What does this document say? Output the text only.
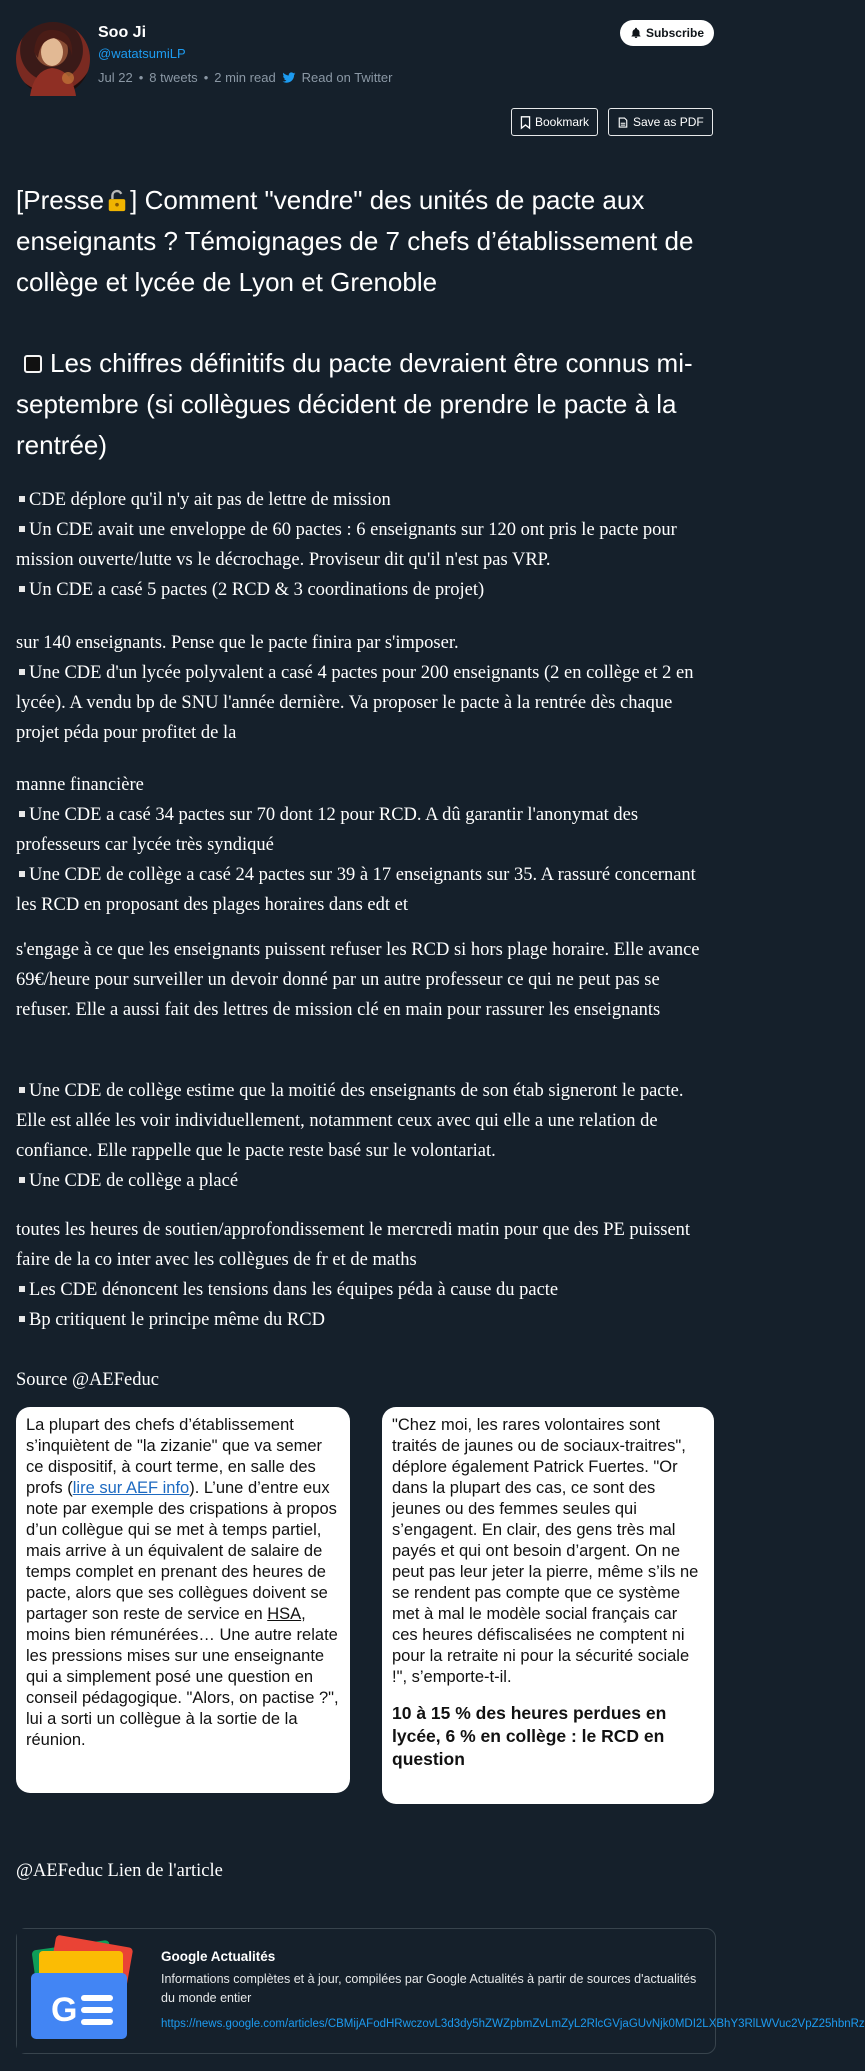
Soo Ji
@watatsumiLP
Jul 22 • 8 tweets • 2 min read Read on Twitter
Subscribe
Bookmark	Save as PDF
[Presse ] Comment "vendre" des unités de pacte aux enseignants ? Témoignages de 7 chefs d’établissement de collège et lycée de Lyon et Grenoble
Les chiffres définitifs du pacte devraient être connus mi-septembre (si collègues décident de prendre le pacte à la rentrée)
CDE déplore qu'il n'y ait pas de lettre de mission
Un CDE avait une enveloppe de 60 pactes : 6 enseignants sur 120 ont pris le pacte pour mission ouverte/lutte vs le décrochage. Proviseur dit qu'il n'est pas VRP.
Un CDE a casé 5 pactes (2 RCD & 3 coordinations de projet)
sur 140 enseignants. Pense que le pacte finira par s'imposer.
Une CDE d'un lycée polyvalent a casé 4 pactes pour 200 enseignants (2 en collège et 2 en lycée). A vendu bp de SNU l'année dernière. Va proposer le pacte à la rentrée dès chaque projet péda pour profitet de la
manne financière
Une CDE a casé 34 pactes sur 70 dont 12 pour RCD. A dû garantir l'anonymat des professeurs car lycée très syndiqué
Une CDE de collège a casé 24 pactes sur 39 à 17 enseignants sur 35. A rassuré concernant les RCD en proposant des plages horaires dans edt et
s'engage à ce que les enseignants puissent refuser les RCD si hors plage horaire. Elle avance 69€/heure pour surveiller un devoir donné par un autre professeur ce qui ne peut pas se refuser. Elle a aussi fait des lettres de mission clé en main pour rassurer les enseignants
Une CDE de collège estime que la moitié des enseignants de son étab signeront le pacte. Elle est allée les voir individuellement, notamment ceux avec qui elle a une relation de confiance. Elle rappelle que le pacte reste basé sur le volontariat.
Une CDE de collège a placé
toutes les heures de soutien/approfondissement le mercredi matin pour que des PE puissent faire de la co inter avec les collègues de fr et de maths
Les CDE dénoncent les tensions dans les équipes péda à cause du pacte
Bp critiquent le principe même du RCD
Source @AEFeduc
La plupart des chefs d’établissement s’inquiètent de "la zizanie" que va semer ce dispositif, à court terme, en salle des profs (lire sur AEF info). L’une d’entre eux note par exemple des crispations à propos d’un collègue qui se met à temps partiel, mais arrive à un équivalent de salaire de temps complet en prenant des heures de pacte, alors que ses collègues doivent se partager son reste de service en HSA, moins bien rémunérées… Une autre relate les pressions mises sur une enseignante qui a simplement posé une question en conseil pédagogique. "Alors, on pactise ?", lui a sorti un collègue à la sortie de la réunion.
"Chez moi, les rares volontaires sont traités de jaunes ou de sociaux-traitres", déplore également Patrick Fuertes. "Or dans la plupart des cas, ce sont des jeunes ou des femmes seules qui s’engagent. En clair, des gens très mal payés et qui ont besoin d’argent. On ne peut pas leur jeter la pierre, même s’ils ne se rendent pas compte que ce système met à mal le modèle social français car ces heures défiscalisées ne comptent ni pour la retraite ni pour la sécurité sociale !", s’emporte-t-il.
10 à 15 % des heures perdues en lycée, 6 % en collège : le RCD en question
@AEFeduc Lien de l'article
G
Google Actualités
Informations complètes et à jour, compilées par Google Actualités à partir de sources d'actualités du monde entier
https://news.google.com/articles/CBMijAFodHRwczovL3d3dy5hZWZpbmZvLmZyL2RlcGVjaGUvNjk0MDI2LXBhY3RlLWVuc2VpZ25hbnRz
